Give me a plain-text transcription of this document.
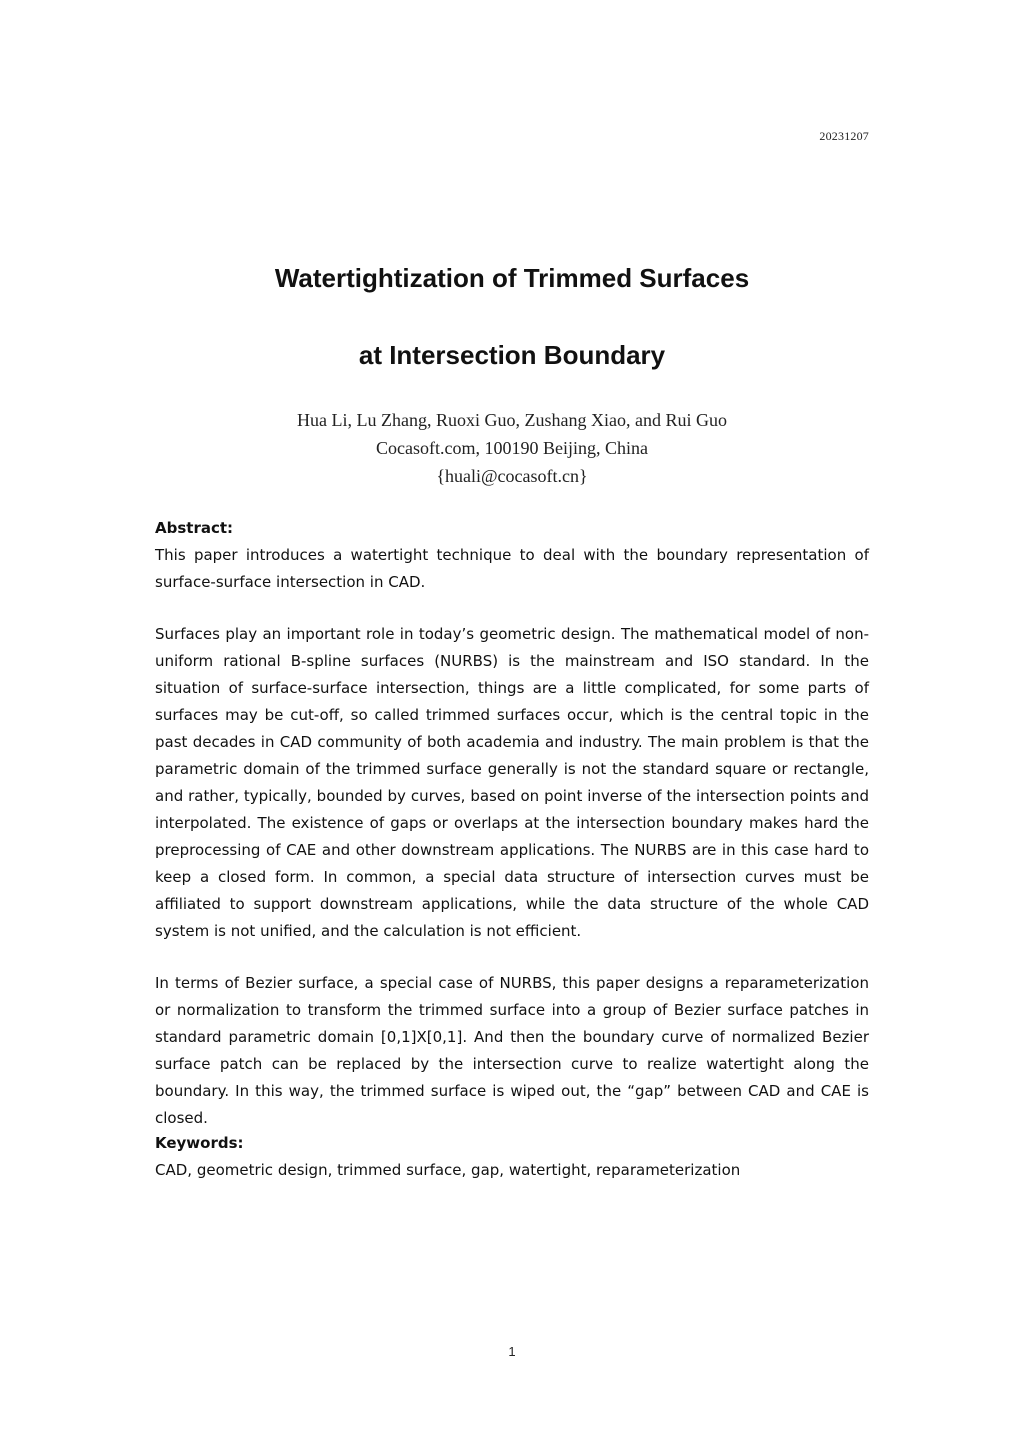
20231207
Watertightization of Trimmed Surfaces
at Intersection Boundary
Hua Li, Lu Zhang, Ruoxi Guo, Zushang Xiao, and Rui Guo
Cocasoft.com, 100190 Beijing, China
{huali@cocasoft.cn}

Abstract:

This paper introduces a watertight technique to deal with the boundary representation of surface-surface intersection in CAD.

Surfaces play an important role in today’s geometric design. The mathematical model of non-uniform rational B-spline surfaces (NURBS) is the mainstream and ISO standard. In the situation of surface-surface intersection, things are a little complicated, for some parts of surfaces may be cut-off, so called trimmed surfaces occur, which is the central topic in the past decades in CAD community of both academia and industry. The main problem is that the parametric domain of the trimmed surface generally is not the standard square or rectangle, and rather, typically, bounded by curves, based on point inverse of the intersection points and interpolated. The existence of gaps or overlaps at the intersection boundary makes hard the preprocessing of CAE and other downstream applications. The NURBS are in this case hard to keep a closed form. In common, a special data structure of intersection curves must be affiliated to support downstream applications, while the data structure of the whole CAD system is not unified, and the calculation is not efficient.

In terms of Bezier surface, a special case of NURBS, this paper designs a reparameterization or normalization to transform the trimmed surface into a group of Bezier surface patches in standard parametric domain [0,1]X[0,1]. And then the boundary curve of normalized Bezier surface patch can be replaced by the intersection curve to realize watertight along the boundary. In this way, the trimmed surface is wiped out, the “gap” between CAD and CAE is closed.

Keywords:

CAD, geometric design, trimmed surface, gap, watertight, reparameterization

1
